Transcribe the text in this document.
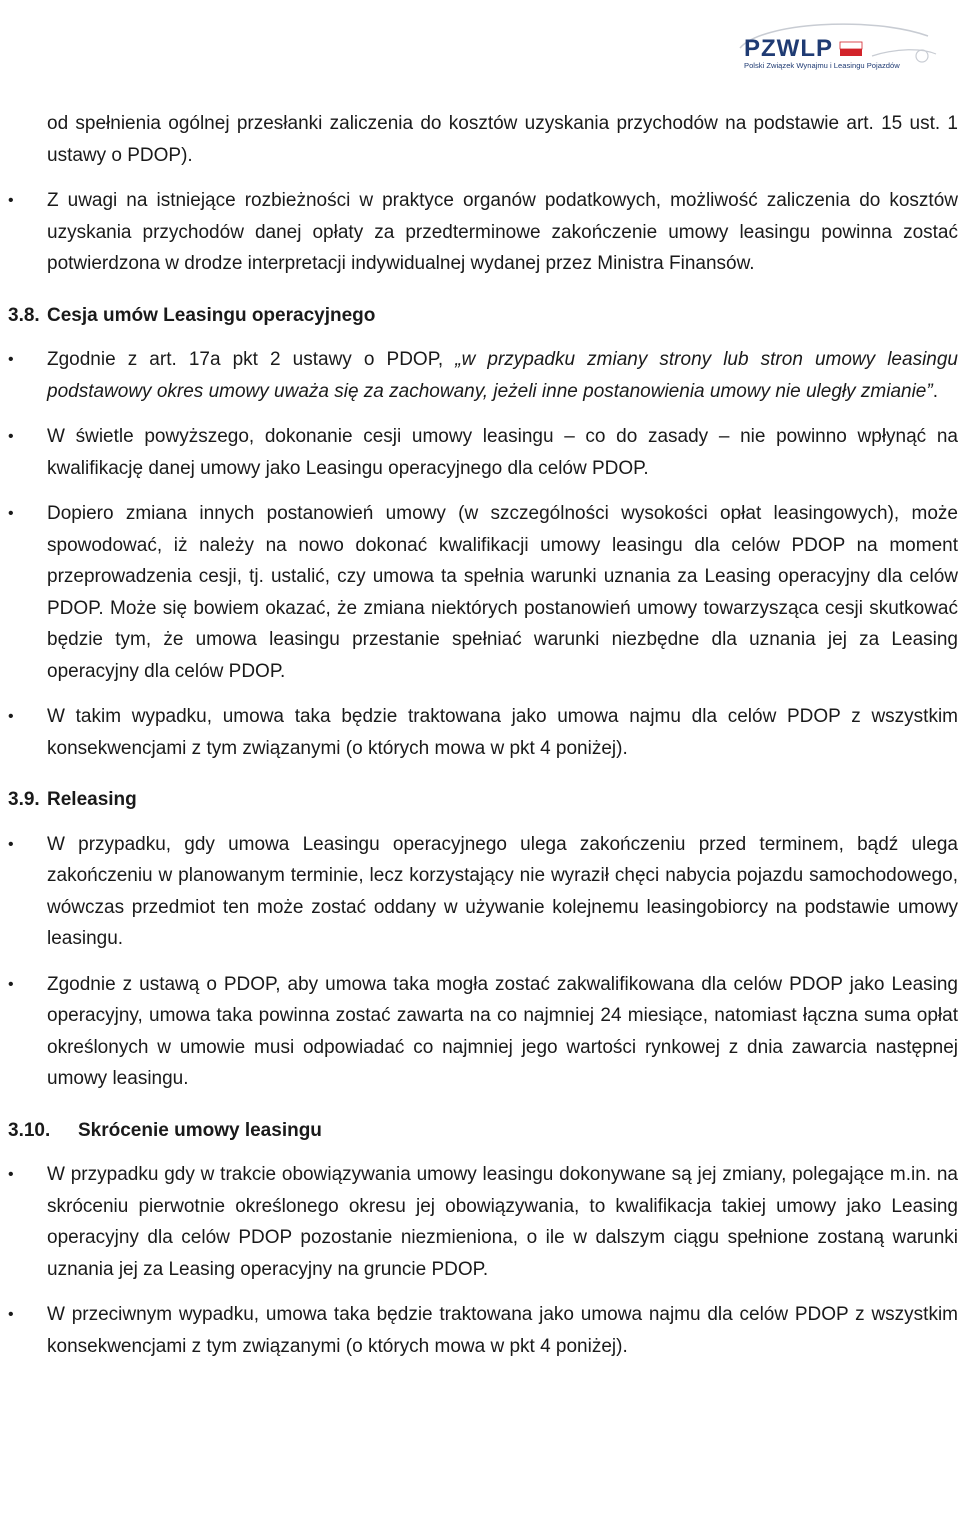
PZWLP
Polski Związek Wynajmu i Leasingu Pojazdów

od spełnienia ogólnej przesłanki zaliczenia do kosztów uzyskania przychodów na podstawie art. 15 ust. 1 ustawy o PDOP).

•	Z uwagi na istniejące rozbieżności w praktyce organów podatkowych, możliwość zaliczenia do kosztów uzyskania przychodów danej opłaty za przedterminowe zakończenie umowy leasingu powinna zostać potwierdzona w drodze interpretacji indywidualnej wydanej przez Ministra Finansów.

3.8. Cesja umów Leasingu operacyjnego

•	Zgodnie z art. 17a pkt 2 ustawy o PDOP, „w przypadku zmiany strony lub stron umowy leasingu podstawowy okres umowy uważa się za zachowany, jeżeli inne postanowienia umowy nie uległy zmianie”.

•	W świetle powyższego, dokonanie cesji umowy leasingu – co do zasady – nie powinno wpłynąć na kwalifikację danej umowy jako Leasingu operacyjnego dla celów PDOP.

•	Dopiero zmiana innych postanowień umowy (w szczególności wysokości opłat leasingowych), może spowodować, iż należy na nowo dokonać kwalifikacji umowy leasingu dla celów PDOP na moment przeprowadzenia cesji, tj. ustalić, czy umowa ta spełnia warunki uznania za Leasing operacyjny dla celów PDOP. Może się bowiem okazać, że zmiana niektórych postanowień umowy towarzysząca cesji skutkować będzie tym, że umowa leasingu przestanie spełniać warunki niezbędne dla uznania jej za Leasing operacyjny dla celów PDOP.

•	W takim wypadku, umowa taka będzie traktowana jako umowa najmu dla celów PDOP z wszystkim konsekwencjami z tym związanymi (o których mowa w pkt 4 poniżej).

3.9. Releasing

•	W przypadku, gdy umowa Leasingu operacyjnego ulega zakończeniu przed terminem, bądź ulega zakończeniu w planowanym terminie, lecz korzystający nie wyraził chęci nabycia pojazdu samochodowego, wówczas przedmiot ten może zostać oddany w używanie kolejnemu leasingobiorcy na podstawie umowy leasingu.

•	Zgodnie z ustawą o PDOP, aby umowa taka mogła zostać zakwalifikowana dla celów PDOP jako Leasing operacyjny, umowa taka powinna zostać zawarta na co najmniej 24 miesiące, natomiast łączna suma opłat określonych w umowie musi odpowiadać co najmniej jego wartości rynkowej z dnia zawarcia następnej umowy leasingu.

3.10. Skrócenie umowy leasingu

•	W przypadku gdy w trakcie obowiązywania umowy leasingu dokonywane są jej zmiany, polegające m.in. na skróceniu pierwotnie określonego okresu jej obowiązywania, to kwalifikacja takiej umowy jako Leasing operacyjny dla celów PDOP pozostanie niezmieniona, o ile w dalszym ciągu spełnione zostaną warunki uznania jej za Leasing operacyjny na gruncie PDOP.

•	W przeciwnym wypadku, umowa taka będzie traktowana jako umowa najmu dla celów PDOP z wszystkim konsekwencjami z tym związanymi (o których mowa w pkt 4 poniżej).
